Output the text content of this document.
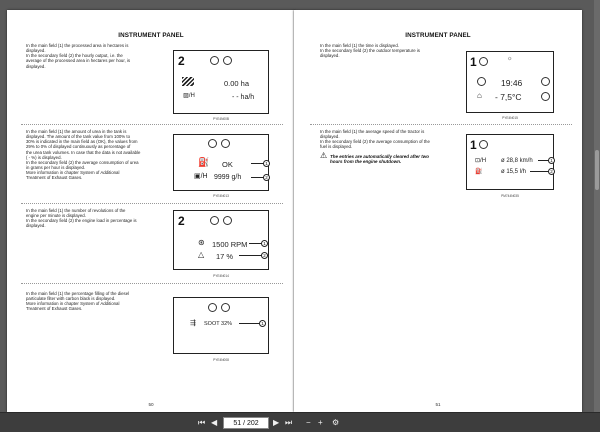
INSTRUMENT PANEL
In the main field (1) the processed area in hectares is
displayed.
In the secondary field (2) the hourly output, i.e. the
average of the processed area in hectares per hour, is
displayed.	2
0.00 ha
▨/H	- - ha/h
PYE4N00B
In the main field (1) the amount of urea in the tank is
displayed. The amount of the tank value from 100% to
30% is indicated in the main field as (OK), the values from
29% to 0% of displayed continuously as percentage of
the urea tank volumes. In case that the data is not available
( - %) is displayed.
In the secondary field (2) the average consumption of urea
in grams per hour is displayed.
More information in chapter System of Additional
Treatment of Exhaust Gases.
⛽ OK
▣/H 9999 g/h
1
2
PYE4N013
In the main field (1) the number of revolutions of the
engine per minute is displayed.
In the secondary field (2) the engine load in percentage is
displayed.	2
⊛ 1500 RPM
△ 17 %
1
2
PYE4N014
In the main field (1) the percentage filling of the diesel
particulate filter with carbon black is displayed.
More information in chapter System of Additional
Treatment of Exhaust Gases.
⇶ SOOT 32%	1
PYE4N008
50
INSTRUMENT PANEL
In the main field (1) the time is displayed.
In the secondary field (2) the outdoor temperature is
displayed.	1	☼
19:46
⌂ - 7,5°C
PYE4N015
In the main field (1) the average speed of the tractor is
displayed.
In the secondary field (2) the average consumption of the
fuel is displayed.
⚠ The entries are automatically cleared after two
hours from the engine shutdown.
1
⊡/H ø 28,8 km/h
⛽	ø 15,5 l/h
1
2
PM744N035
51
⏮ ◀
51 / 202	▶ ⏭ − + ⚙
